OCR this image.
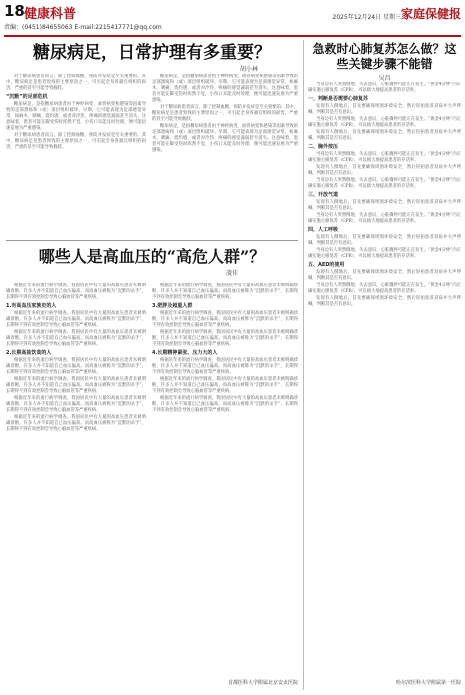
18 健康科普
责编：(0451)84655063 E-mail:2215417771@qq.com
2025年12月24日 星期三 家庭保健报
糖尿病足，日常护理有多重要？
胡小林

对于糖尿病患者而言，除了控制血糖，预防并发症是至关重要的。其中，糖尿病足是患者致残的主要原因之一，可引起全身各器官组织的损害，严重的甚至可能导致截肢。

“沉默”的足部危机

糖尿病足，是指糖尿病患者由于神经病变、血管病变和感染等因素导致的足部溃疡和（或）深层组织破坏。早期，它可能表现为足部感觉异常，如麻木、刺痛、烧灼感，或者对冷热、疼痛的感觉减弱甚至消失。这意味着，患者可能在脚受伤时浑然不觉，小伤口未能及时处理，便可能迅速发展为严重感染。

对于糖尿病患者而言，除了控制血糖，预防并发症是至关重要的。其中，糖尿病足是患者致残的主要原因之一，可引起全身各器官组织的损害，严重的甚至可能导致截肢。

糖尿病足，是指糖尿病患者由于神经病变、血管病变和感染等因素导致的足部溃疡和（或）深层组织破坏。早期，它可能表现为足部感觉异常，如麻木、刺痛、烧灼感，或者对冷热、疼痛的感觉减弱甚至消失。这意味着，患者可能在脚受伤时浑然不觉，小伤口未能及时处理，便可能迅速发展为严重感染。

对于糖尿病患者而言，除了控制血糖，预防并发症是至关重要的。其中，糖尿病足是患者致残的主要原因之一，可引起全身各器官组织的损害，严重的甚至可能导致截肢。

糖尿病足，是指糖尿病患者由于神经病变、血管病变和感染等因素导致的足部溃疡和（或）深层组织破坏。早期，它可能表现为足部感觉异常，如麻木、刺痛、烧灼感，或者对冷热、疼痛的感觉减弱甚至消失。这意味着，患者可能在脚受伤时浑然不觉，小伤口未能及时处理，便可能迅速发展为严重感染。

哪些人是高血压的“高危人群”？
凌佳

根据近年来的流行病学调查，我国居民中有大量的高血压患者未被明确诊断，许多人并不知道自己血压偏高。而高血压被称为“沉默的杀手”，长期得不到有效控制会导致心脑血管等严重疾病。

1.有高血压家族史的人

根据近年来的流行病学调查，我国居民中有大量的高血压患者未被明确诊断，许多人并不知道自己血压偏高。而高血压被称为“沉默的杀手”，长期得不到有效控制会导致心脑血管等严重疾病。

根据近年来的流行病学调查，我国居民中有大量的高血压患者未被明确诊断，许多人并不知道自己血压偏高。而高血压被称为“沉默的杀手”，长期得不到有效控制会导致心脑血管等严重疾病。

2.长期高盐饮食的人

根据近年来的流行病学调查，我国居民中有大量的高血压患者未被明确诊断，许多人并不知道自己血压偏高。而高血压被称为“沉默的杀手”，长期得不到有效控制会导致心脑血管等严重疾病。

根据近年来的流行病学调查，我国居民中有大量的高血压患者未被明确诊断，许多人并不知道自己血压偏高。而高血压被称为“沉默的杀手”，长期得不到有效控制会导致心脑血管等严重疾病。

根据近年来的流行病学调查，我国居民中有大量的高血压患者未被明确诊断，许多人并不知道自己血压偏高。而高血压被称为“沉默的杀手”，长期得不到有效控制会导致心脑血管等严重疾病。

根据近年来的流行病学调查，我国居民中有大量的高血压患者未被明确诊断，许多人并不知道自己血压偏高。而高血压被称为“沉默的杀手”，长期得不到有效控制会导致心脑血管等严重疾病。

根据近年来的流行病学调查，我国居民中有大量的高血压患者未被明确诊断，许多人并不知道自己血压偏高。而高血压被称为“沉默的杀手”，长期得不到有效控制会导致心脑血管等严重疾病。

3.肥胖及超重人群

根据近年来的流行病学调查，我国居民中有大量的高血压患者未被明确诊断，许多人并不知道自己血压偏高。而高血压被称为“沉默的杀手”，长期得不到有效控制会导致心脑血管等严重疾病。

根据近年来的流行病学调查，我国居民中有大量的高血压患者未被明确诊断，许多人并不知道自己血压偏高。而高血压被称为“沉默的杀手”，长期得不到有效控制会导致心脑血管等严重疾病。

4.长期精神紧张、压力大的人

根据近年来的流行病学调查，我国居民中有大量的高血压患者未被明确诊断，许多人并不知道自己血压偏高。而高血压被称为“沉默的杀手”，长期得不到有效控制会导致心脑血管等严重疾病。

根据近年来的流行病学调查，我国居民中有大量的高血压患者未被明确诊断，许多人并不知道自己血压偏高。而高血压被称为“沉默的杀手”，长期得不到有效控制会导致心脑血管等严重疾病。

根据近年来的流行病学调查，我国居民中有大量的高血压患者未被明确诊断，许多人并不知道自己血压偏高。而高血压被称为“沉默的杀手”，长期得不到有效控制会导致心脑血管等严重疾病。

首都医科大学附属北京安贞医院
急救时心肺复苏怎么做？这些关键步骤不能错
吴昌

当身边有人突然倒地、失去意识，心脏骤停可能正在发生。“黄金4分钟”内正确实施心肺复苏（CPR），可以极大地提高患者的存活率。

一、判断是否需要心肺复苏

发现有人倒地后，首先要确保周围环境安全，然后轻拍患者双肩并大声呼喊，判断其是否有意识。

当身边有人突然倒地、失去意识，心脏骤停可能正在发生。“黄金4分钟”内正确实施心肺复苏（CPR），可以极大地提高患者的存活率。

发现有人倒地后，首先要确保周围环境安全，然后轻拍患者双肩并大声呼喊，判断其是否有意识。

二、胸外按压

当身边有人突然倒地、失去意识，心脏骤停可能正在发生。“黄金4分钟”内正确实施心肺复苏（CPR），可以极大地提高患者的存活率。

发现有人倒地后，首先要确保周围环境安全，然后轻拍患者双肩并大声呼喊，判断其是否有意识。

当身边有人突然倒地、失去意识，心脏骤停可能正在发生。“黄金4分钟”内正确实施心肺复苏（CPR），可以极大地提高患者的存活率。

三、开放气道

发现有人倒地后，首先要确保周围环境安全，然后轻拍患者双肩并大声呼喊，判断其是否有意识。

当身边有人突然倒地、失去意识，心脏骤停可能正在发生。“黄金4分钟”内正确实施心肺复苏（CPR），可以极大地提高患者的存活率。

四、人工呼吸

发现有人倒地后，首先要确保周围环境安全，然后轻拍患者双肩并大声呼喊，判断其是否有意识。

当身边有人突然倒地、失去意识，心脏骤停可能正在发生。“黄金4分钟”内正确实施心肺复苏（CPR），可以极大地提高患者的存活率。

五、AED的使用

发现有人倒地后，首先要确保周围环境安全，然后轻拍患者双肩并大声呼喊，判断其是否有意识。

当身边有人突然倒地、失去意识，心脏骤停可能正在发生。“黄金4分钟”内正确实施心肺复苏（CPR），可以极大地提高患者的存活率。

发现有人倒地后，首先要确保周围环境安全，然后轻拍患者双肩并大声呼喊，判断其是否有意识。

哈尔滨医科大学附属第一医院
